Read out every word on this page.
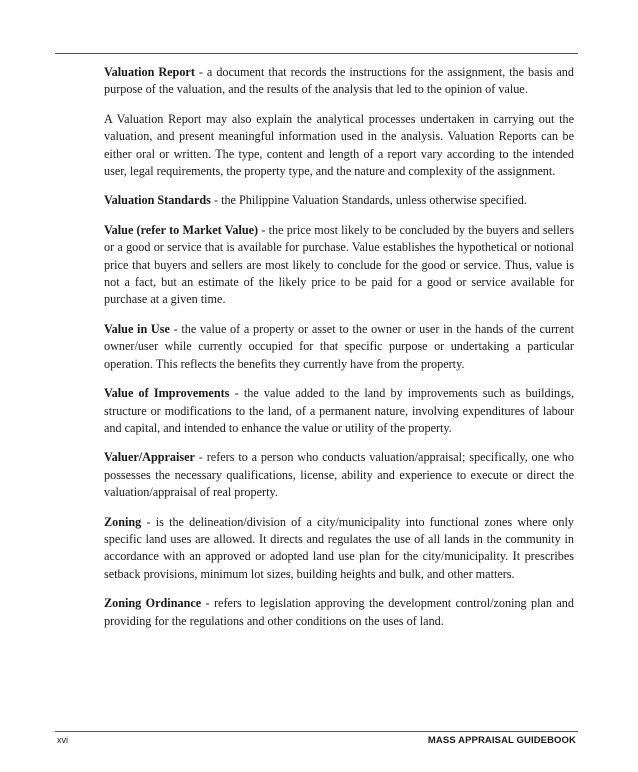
Valuation Report - a document that records the instructions for the assignment, the basis and purpose of the valuation, and the results of the analysis that led to the opinion of value.

A Valuation Report may also explain the analytical processes undertaken in carrying out the valuation, and present meaningful information used in the analysis. Valuation Reports can be either oral or written. The type, content and length of a report vary according to the intended user, legal requirements, the property type, and the nature and complexity of the assignment.

Valuation Standards - the Philippine Valuation Standards, unless otherwise specified.

Value (refer to Market Value) - the price most likely to be concluded by the buyers and sellers or a good or service that is available for purchase. Value establishes the hypothetical or notional price that buyers and sellers are most likely to conclude for the good or service. Thus, value is not a fact, but an estimate of the likely price to be paid for a good or service available for purchase at a given time.

Value in Use - the value of a property or asset to the owner or user in the hands of the current owner/user while currently occupied for that specific purpose or undertaking a particular operation. This reflects the benefits they currently have from the property.

Value of Improvements - the value added to the land by improvements such as buildings, structure or modifications to the land, of a permanent nature, involving expenditures of labour and capital, and intended to enhance the value or utility of the property.

Valuer/Appraiser - refers to a person who conducts valuation/appraisal; specifically, one who possesses the necessary qualifications, license, ability and experience to execute or direct the valuation/appraisal of real property.

Zoning - is the delineation/division of a city/municipality into functional zones where only specific land uses are allowed. It directs and regulates the use of all lands in the community in accordance with an approved or adopted land use plan for the city/municipality. It prescribes setback provisions, minimum lot sizes, building heights and bulk, and other matters.

Zoning Ordinance - refers to legislation approving the development control/zoning plan and providing for the regulations and other conditions on the uses of land.

xvi	MASS APPRAISAL GUIDEBOOK
